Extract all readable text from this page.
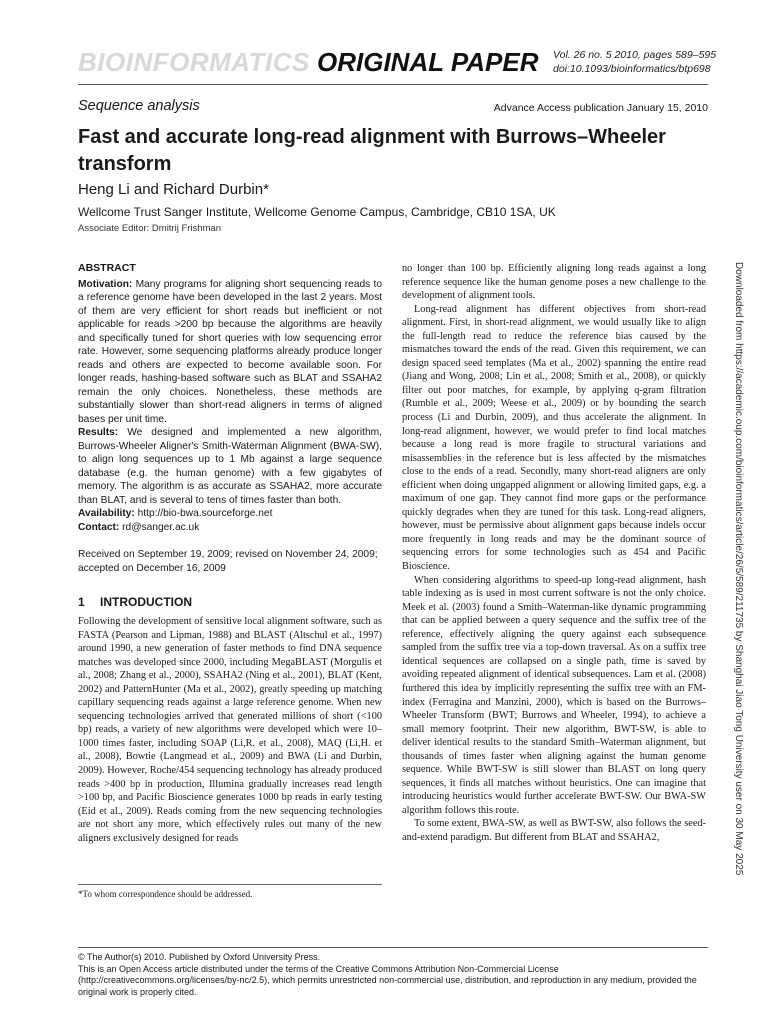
BIOINFORMATICS ORIGINAL PAPER Vol. 26 no. 5 2010, pages 589–595
doi:10.1093/bioinformatics/btp698
Sequence analysis	Advance Access publication January 15, 2010
Fast and accurate long-read alignment with Burrows–Wheeler transform
Heng Li and Richard Durbin*
Wellcome Trust Sanger Institute, Wellcome Genome Campus, Cambridge, CB10 1SA, UK
Associate Editor: Dmitrij Frishman
ABSTRACT

Motivation: Many programs for aligning short sequencing reads to a reference genome have been developed in the last 2 years. Most of them are very efficient for short reads but inefficient or not applicable for reads >200 bp because the algorithms are heavily and specifically tuned for short queries with low sequencing error rate. However, some sequencing platforms already produce longer reads and others are expected to become available soon. For longer reads, hashing-based software such as BLAT and SSAHA2 remain the only choices. Nonetheless, these methods are substantially slower than short-read aligners in terms of aligned bases per unit time.

Results: We designed and implemented a new algorithm, Burrows-Wheeler Aligner's Smith-Waterman Alignment (BWA-SW), to align long sequences up to 1 Mb against a large sequence database (e.g. the human genome) with a few gigabytes of memory. The algorithm is as accurate as SSAHA2, more accurate than BLAT, and is several to tens of times faster than both.

Availability: http://bio-bwa.sourceforge.net

Contact: rd@sanger.ac.uk

Received on September 19, 2009; revised on November 24, 2009; accepted on December 16, 2009
1 INTRODUCTION

Following the development of sensitive local alignment software, such as FASTA (Pearson and Lipman, 1988) and BLAST (Altschul et al., 1997) around 1990, a new generation of faster methods to find DNA sequence matches was developed since 2000, including MegaBLAST (Morgulis et al., 2008; Zhang et al., 2000), SSAHA2 (Ning et al., 2001), BLAT (Kent, 2002) and PatternHunter (Ma et al., 2002), greatly speeding up matching capillary sequencing reads against a large reference genome. When new sequencing technologies arrived that generated millions of short (<100 bp) reads, a variety of new algorithms were developed which were 10–1000 times faster, including SOAP (Li,R. et al., 2008), MAQ (Li,H. et al., 2008), Bowtie (Langmead et al., 2009) and BWA (Li and Durbin, 2009). However, Roche/454 sequencing technology has already produced reads >400 bp in production, Illumina gradually increases read length >100 bp, and Pacific Bioscience generates 1000 bp reads in early testing (Eid et al., 2009). Reads coming from the new sequencing technologies are not short any more, which effectively rules out many of the new aligners exclusively designed for reads

no longer than 100 bp. Efficiently aligning long reads against a long reference sequence like the human genome poses a new challenge to the development of alignment tools.

Long-read alignment has different objectives from short-read alignment. First, in short-read alignment, we would usually like to align the full-length read to reduce the reference bias caused by the mismatches toward the ends of the read. Given this requirement, we can design spaced seed templates (Ma et al., 2002) spanning the entire read (Jiang and Wong, 2008; Lin et al., 2008; Smith et al., 2008), or quickly filter out poor matches, for example, by applying q-gram filtration (Rumble et al., 2009; Weese et al., 2009) or by bounding the search process (Li and Durbin, 2009), and thus accelerate the alignment. In long-read alignment, however, we would prefer to find local matches because a long read is more fragile to structural variations and misassemblies in the reference but is less affected by the mismatches close to the ends of a read. Secondly, many short-read aligners are only efficient when doing ungapped alignment or allowing limited gaps, e.g. a maximum of one gap. They cannot find more gaps or the performance quickly degrades when they are tuned for this task. Long-read aligners, however, must be permissive about alignment gaps because indels occur more frequently in long reads and may be the dominant source of sequencing errors for some technologies such as 454 and Pacific Bioscience.

When considering algorithms to speed-up long-read alignment, hash table indexing as is used in most current software is not the only choice. Meek et al. (2003) found a Smith–Waterman-like dynamic programming that can be applied between a query sequence and the suffix tree of the reference, effectively aligning the query against each subsequence sampled from the suffix tree via a top-down traversal. As on a suffix tree identical sequences are collapsed on a single path, time is saved by avoiding repeated alignment of identical subsequences. Lam et al. (2008) furthered this idea by implicitly representing the suffix tree with an FM-index (Ferragina and Manzini, 2000), which is based on the Burrows–Wheeler Transform (BWT; Burrows and Wheeler, 1994), to achieve a small memory footprint. Their new algorithm, BWT-SW, is able to deliver identical results to the standard Smith–Waterman alignment, but thousands of times faster when aligning against the human genome sequence. While BWT-SW is still slower than BLAST on long query sequences, it finds all matches without heuristics. One can imagine that introducing heuristics would further accelerate BWT-SW. Our BWA-SW algorithm follows this route.

To some extent, BWA-SW, as well as BWT-SW, also follows the seed-and-extend paradigm. But different from BLAT and SSAHA2,

*To whom correspondence should be addressed.
© The Author(s) 2010. Published by Oxford University Press.
This is an Open Access article distributed under the terms of the Creative Commons Attribution Non-Commercial License (http://creativecommons.org/licenses/by-nc/2.5), which permits unrestricted non-commercial use, distribution, and reproduction in any medium, provided the original work is properly cited.
Downloaded from https://academic.oup.com/bioinformatics/article/26/5/589/211735 by Shanghai Jiao Tong University user on 30 May 2025
